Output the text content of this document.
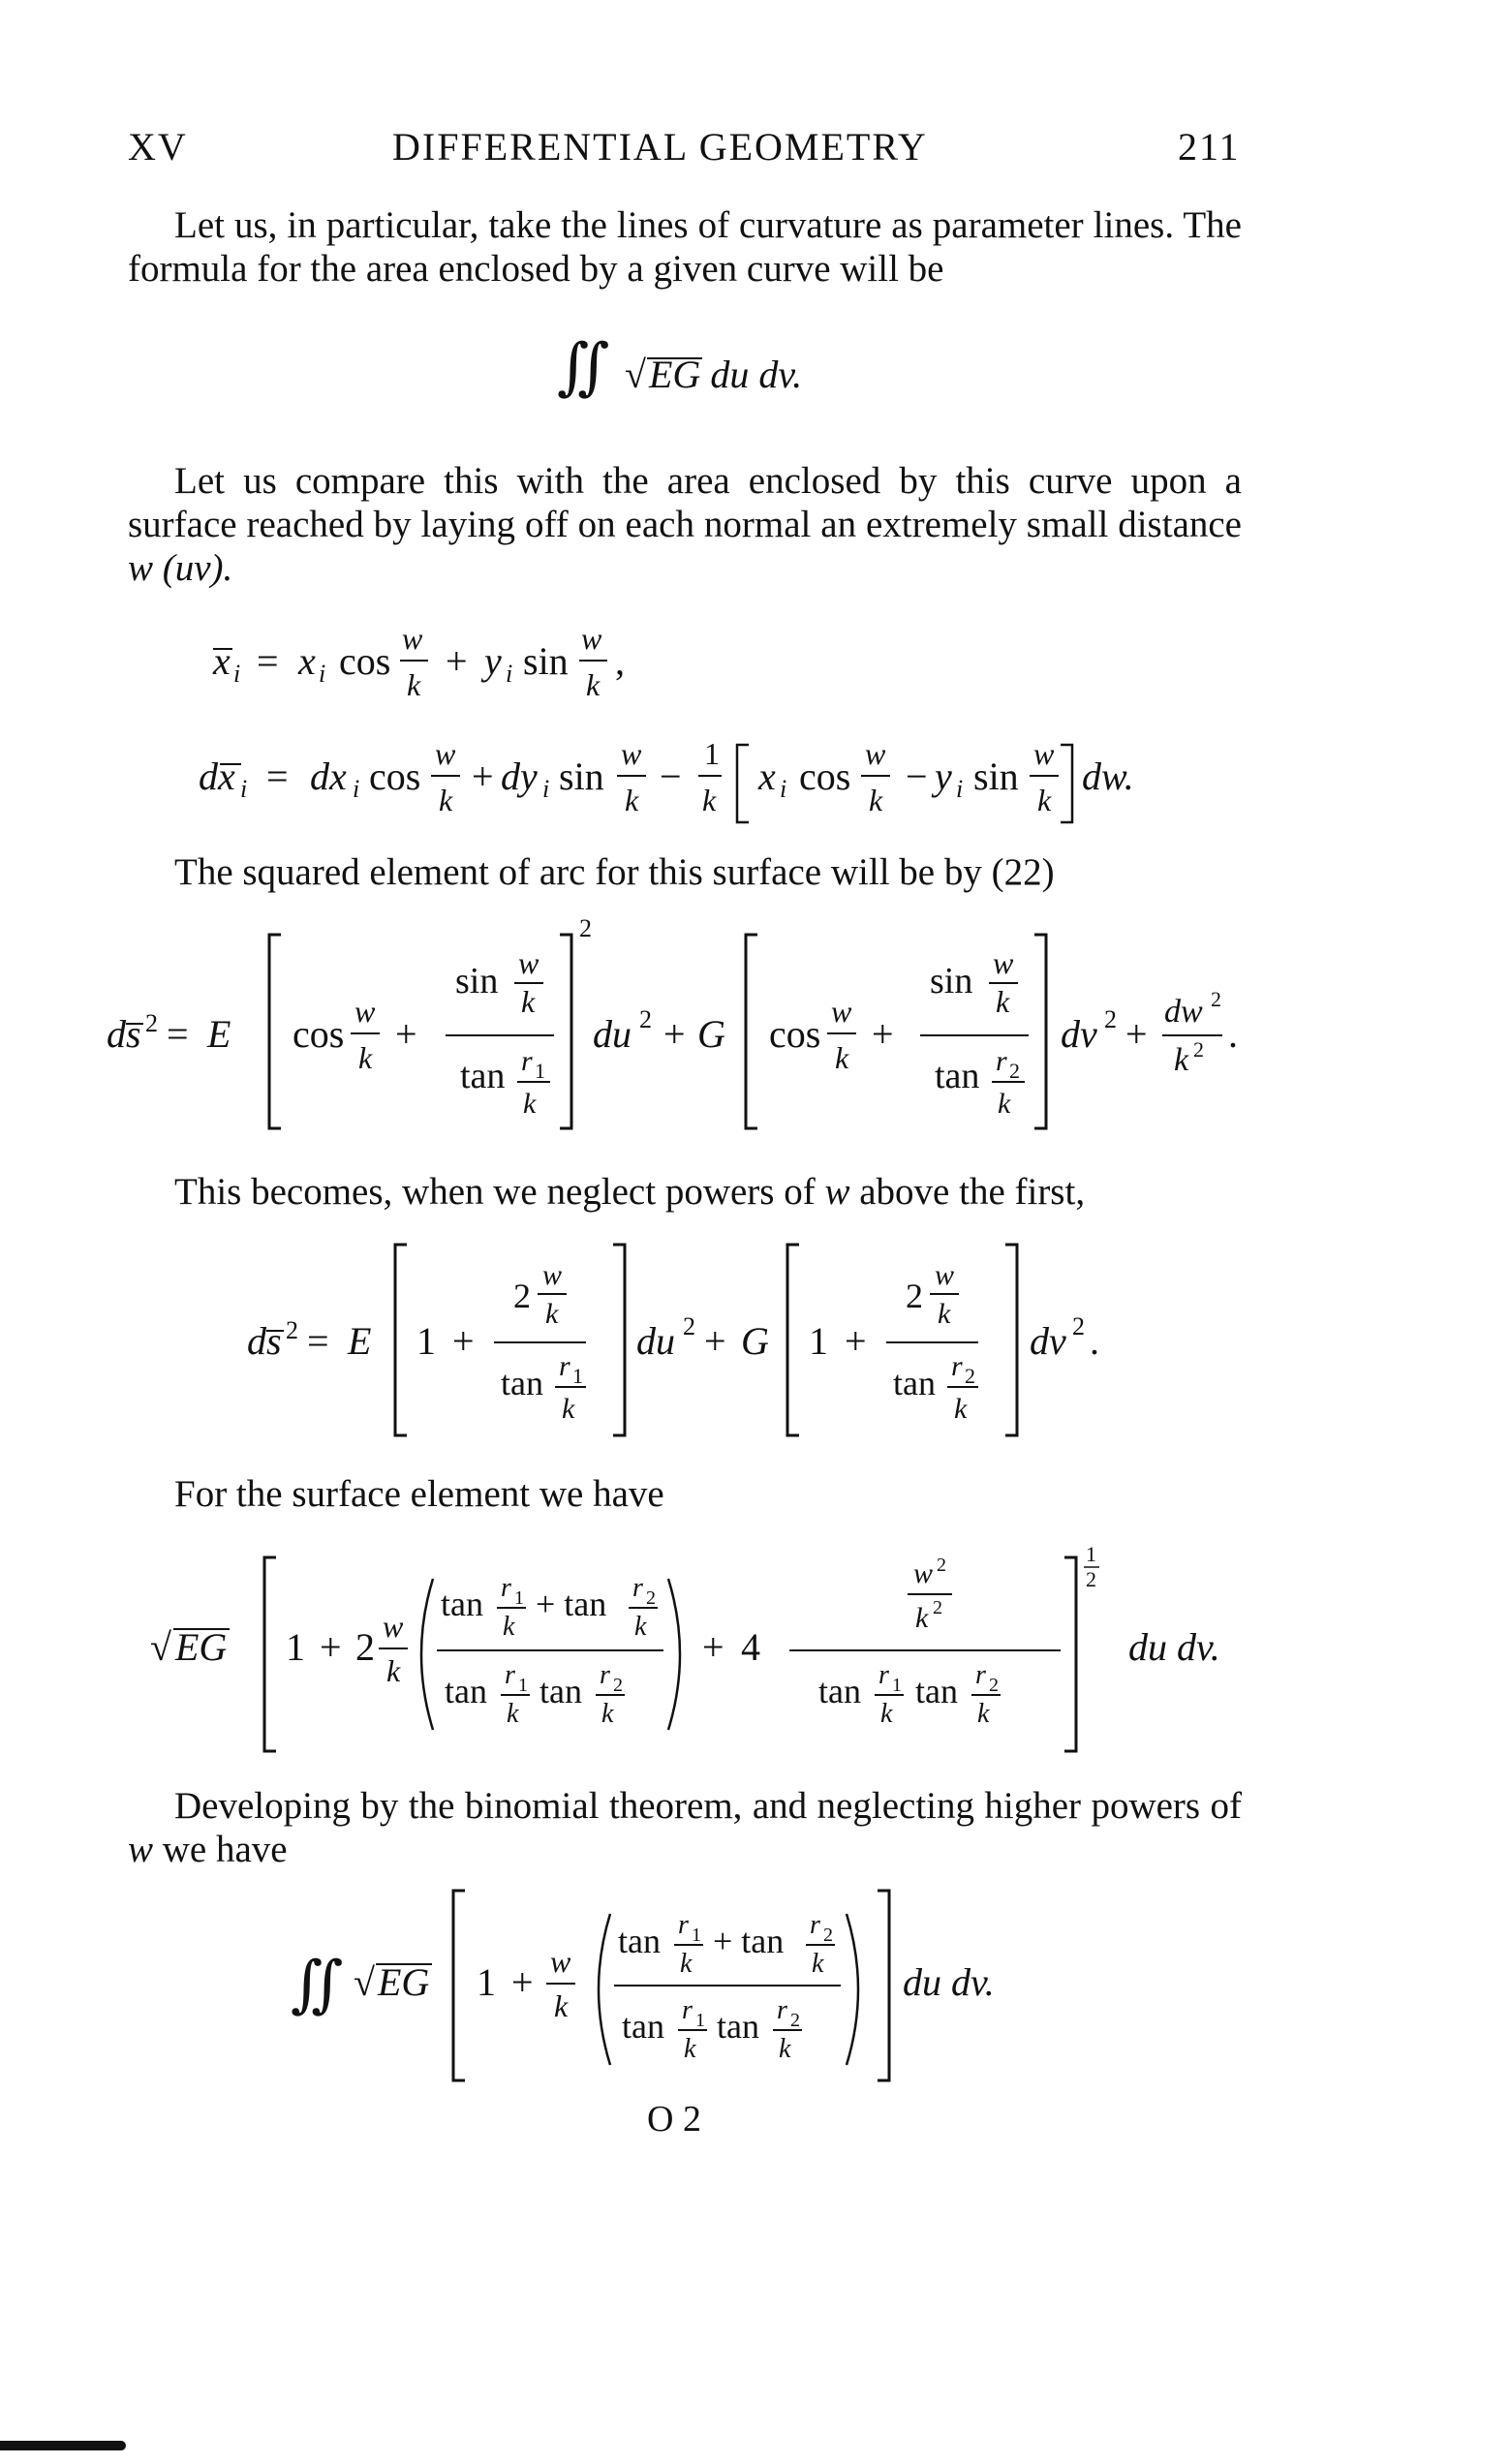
XV	DIFFERENTIAL GEOMETRY	211

Let us, in particular, take the lines of curvature as parameter lines. The formula for the area enclosed by a given curve will be

∬ √ EG du dv.

Let us compare this with the area enclosed by this curve upon a surface reached by laying off on each normal an extremely small distance w (uv).

x i = x i cos
w
k
+ y i sin
w
k
,
dx i = dx i cos
w
k
+ dy i sin
w
k
−
1
k
x i cos
w
k
− y i sin
w
k
dw.

The squared element of arc for this surface will be by (22)

ds 2 = E cos
w
k
+
sin w
k
tan r 1
k
2
du 2 + G cos
w
k
+
sin w
k
tan r 2
k
dv 2 +
dw 2
k 2 .

This becomes, when we neglect powers of w above the first,

ds 2 = E 1 +
2
w
k
tan r 1
k
du 2 + G 1 +
2
w
k
tan r 2
k
dv 2 .

For the surface element we have

√ EG 1 + 2 w
k
tan r 1
k
+ tan r 2
k
tan r 1
k
tan r 2
k
+ 4
w 2
k 2
tan r 1
k
tan r 2
k
1
2
du dv.

Developing by the binomial theorem, and neglecting higher powers of w we have

∬ √ EG 1 + w
k
tan r 1
k
+ tan r 2
k
tan r 1
k
tan r 2
k
du dv.
O 2
